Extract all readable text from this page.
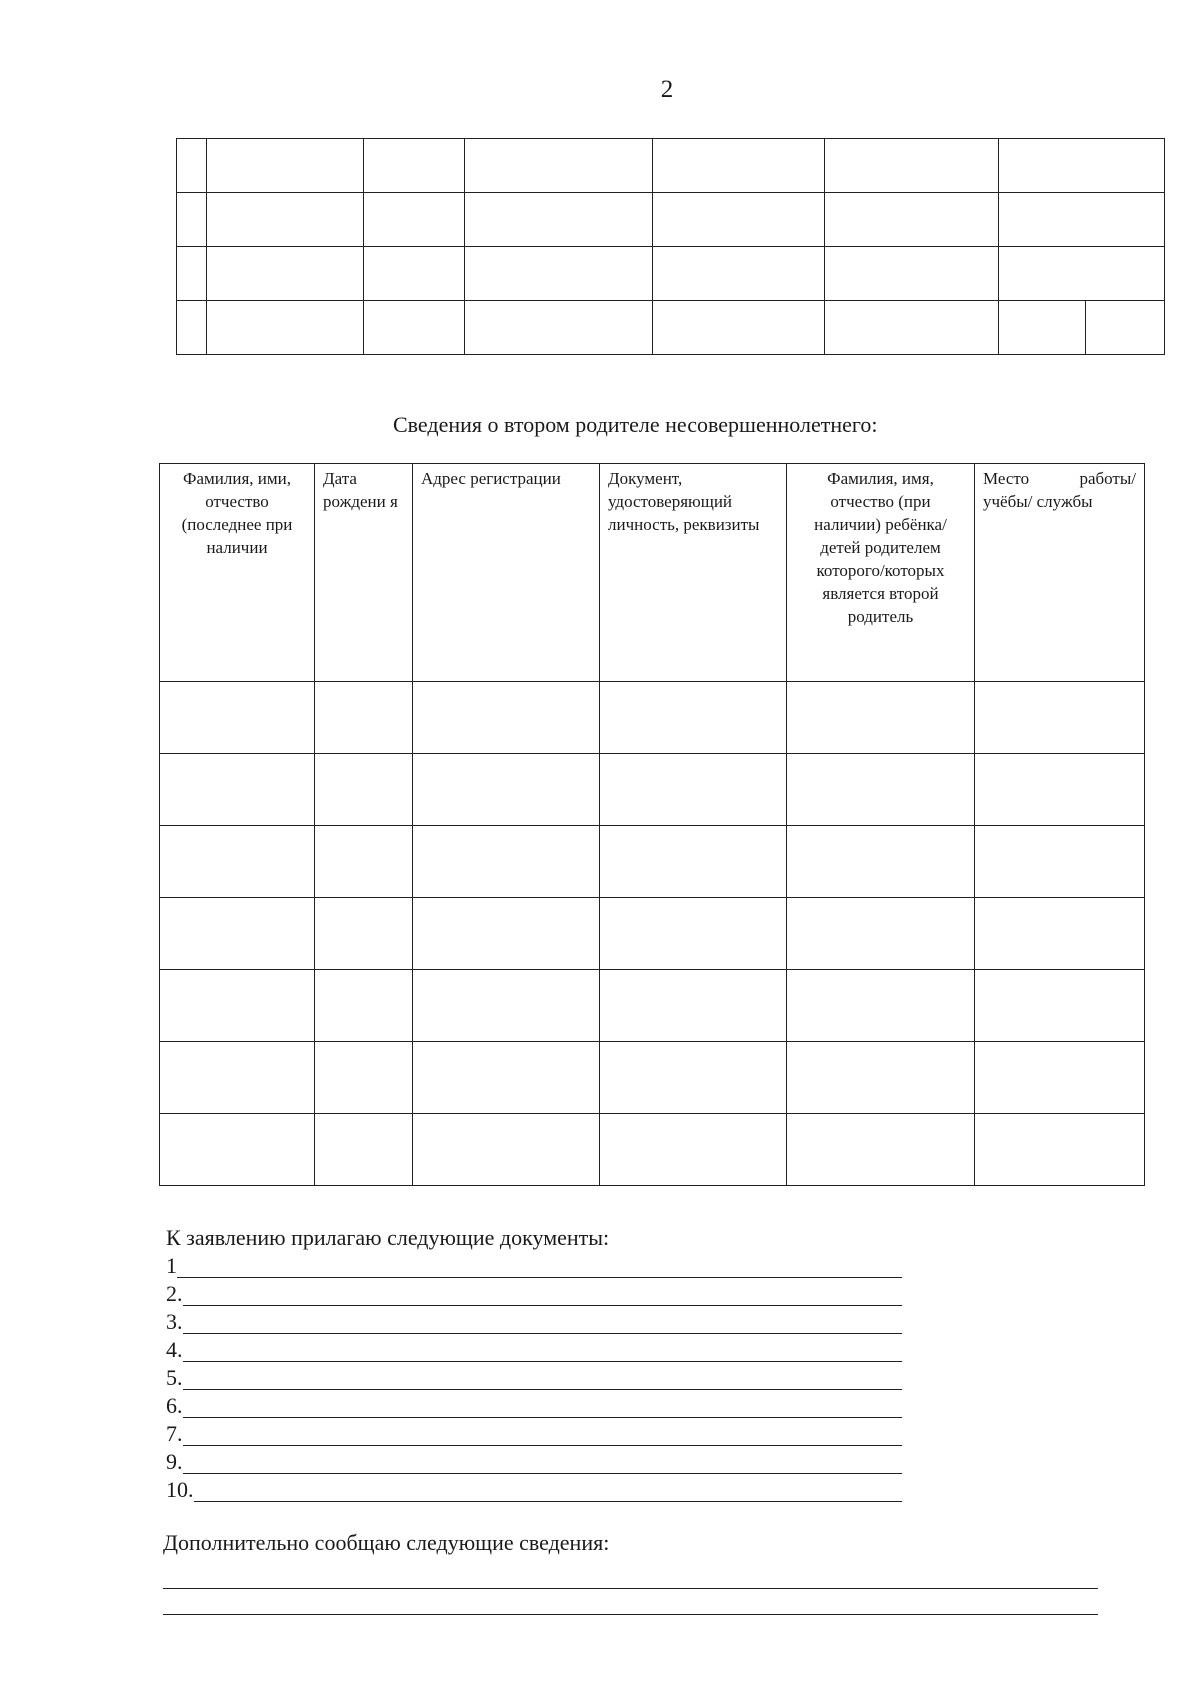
2

Сведения о втором родителе несовершеннолетнего:
Фамилия, ими, отчество (последнее при наличии	Дата рождени я	Адрес регистрации	Документ, удостоверяющий личность, реквизиты	Фамилия, имя, отчество (при наличии) ребёнка/ детей родителем которого/которых является второй родитель	Место работы/
учёбы/ службы

К заявлению прилагаю следующие документы:
1
2.
3.
4.
5.
6.
7.
9.
10.
Дополнительно сообщаю следующие сведения:
